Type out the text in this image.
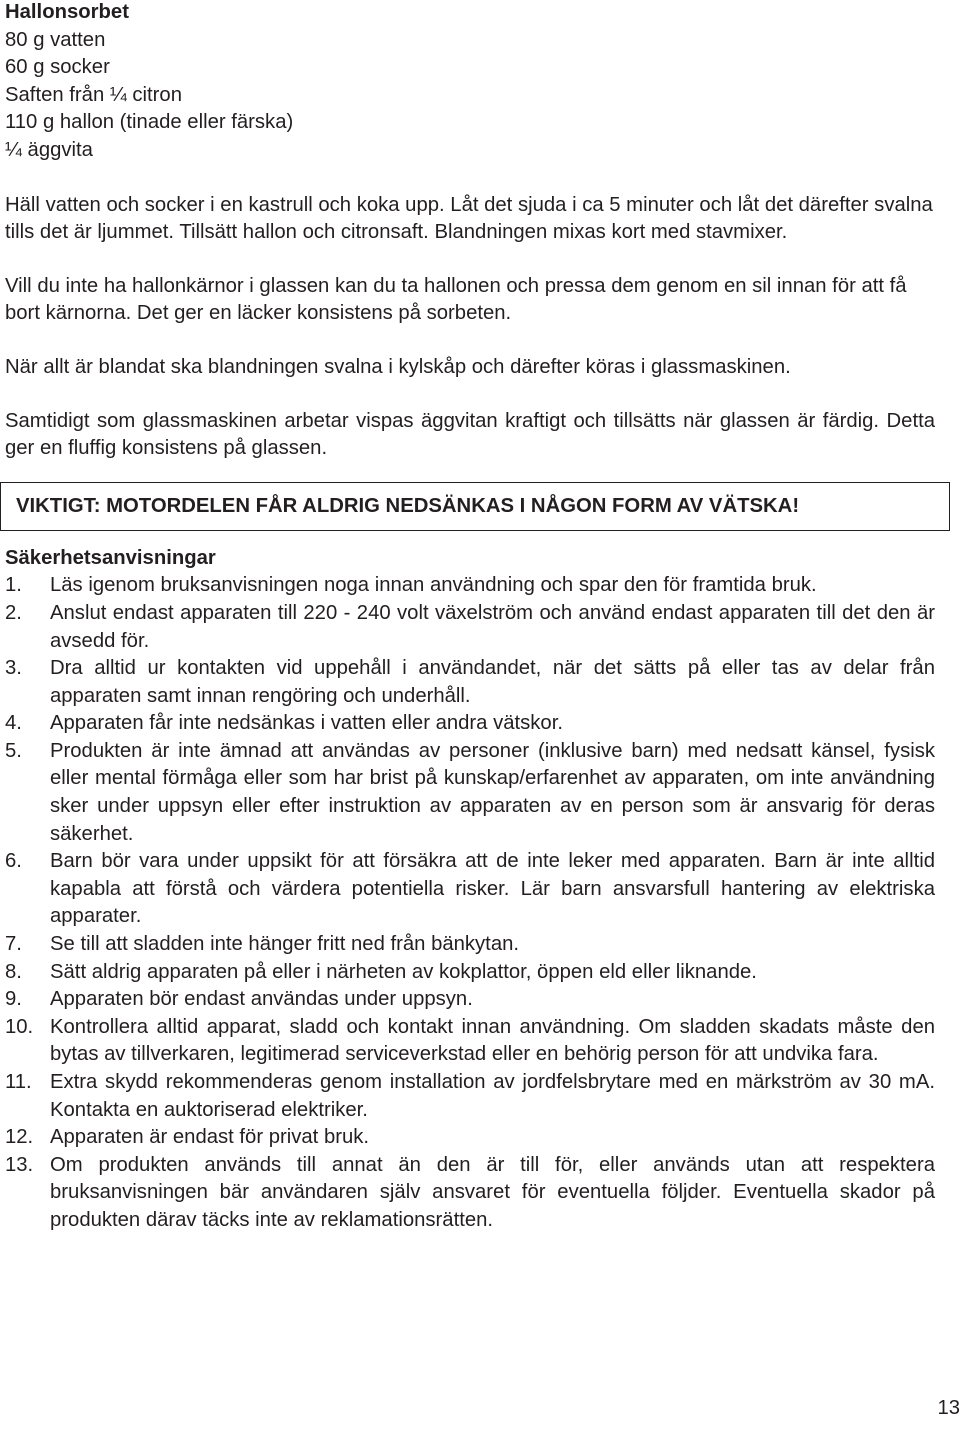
Hallonsorbet

80 g vatten

60 g socker

Saften från ¼ citron

110 g hallon (tinade eller färska)

¼ äggvita

Häll vatten och socker i en kastrull och koka upp. Låt det sjuda i ca 5 minuter och låt det därefter svalna tills det är ljummet. Tillsätt hallon och citronsaft. Blandningen mixas kort med stavmixer.

Vill du inte ha hallonkärnor i glassen kan du ta hallonen och pressa dem genom en sil innan för att få bort kärnorna. Det ger en läcker konsistens på sorbeten.

När allt är blandat ska blandningen svalna i kylskåp och därefter köras i glassmaskinen.

Samtidigt som glassmaskinen arbetar vispas äggvitan kraftigt och tillsätts när glassen är färdig. Detta ger en fluffig konsistens på glassen.

VIKTIGT: MOTORDELEN FÅR ALDRIG NEDSÄNKAS I NÅGON FORM AV VÄTSKA!
Säkerhetsanvisningar
1.	Läs igenom bruksanvisningen noga innan användning och spar den för framtida bruk.
2.	Anslut endast apparaten till 220 - 240 volt växelström och använd endast apparaten till det den är avsedd för.
3.	Dra alltid ur kontakten vid uppehåll i användandet, när det sätts på eller tas av delar från apparaten samt innan rengöring och underhåll.
4.	Apparaten får inte nedsänkas i vatten eller andra vätskor.
5.	Produkten är inte ämnad att användas av personer (inklusive barn) med nedsatt känsel, fysisk eller mental förmåga eller som har brist på kunskap/erfarenhet av apparaten, om inte användning sker under uppsyn eller efter instruktion av apparaten av en person som är ansvarig för deras säkerhet.
6.	Barn bör vara under uppsikt för att försäkra att de inte leker med apparaten. Barn är inte alltid kapabla att förstå och värdera potentiella risker. Lär barn ansvarsfull hantering av elektriska apparater.
7.	Se till att sladden inte hänger fritt ned från bänkytan.
8.	Sätt aldrig apparaten på eller i närheten av kokplattor, öppen eld eller liknande.
9.	Apparaten bör endast användas under uppsyn.
10. Kontrollera alltid apparat, sladd och kontakt innan användning. Om sladden skadats måste den bytas av tillverkaren, legitimerad serviceverkstad eller en behörig person för att undvika fara.
11. Extra skydd rekommenderas genom installation av jordfelsbrytare med en märkström av 30 mA. Kontakta en auktoriserad elektriker.
12. Apparaten är endast för privat bruk.
13. Om produkten används till annat än den är till för, eller används utan att respektera bruksanvisningen bär användaren själv ansvaret för eventuella följder. Eventuella skador på produkten därav täcks inte av reklamationsrätten.
13
